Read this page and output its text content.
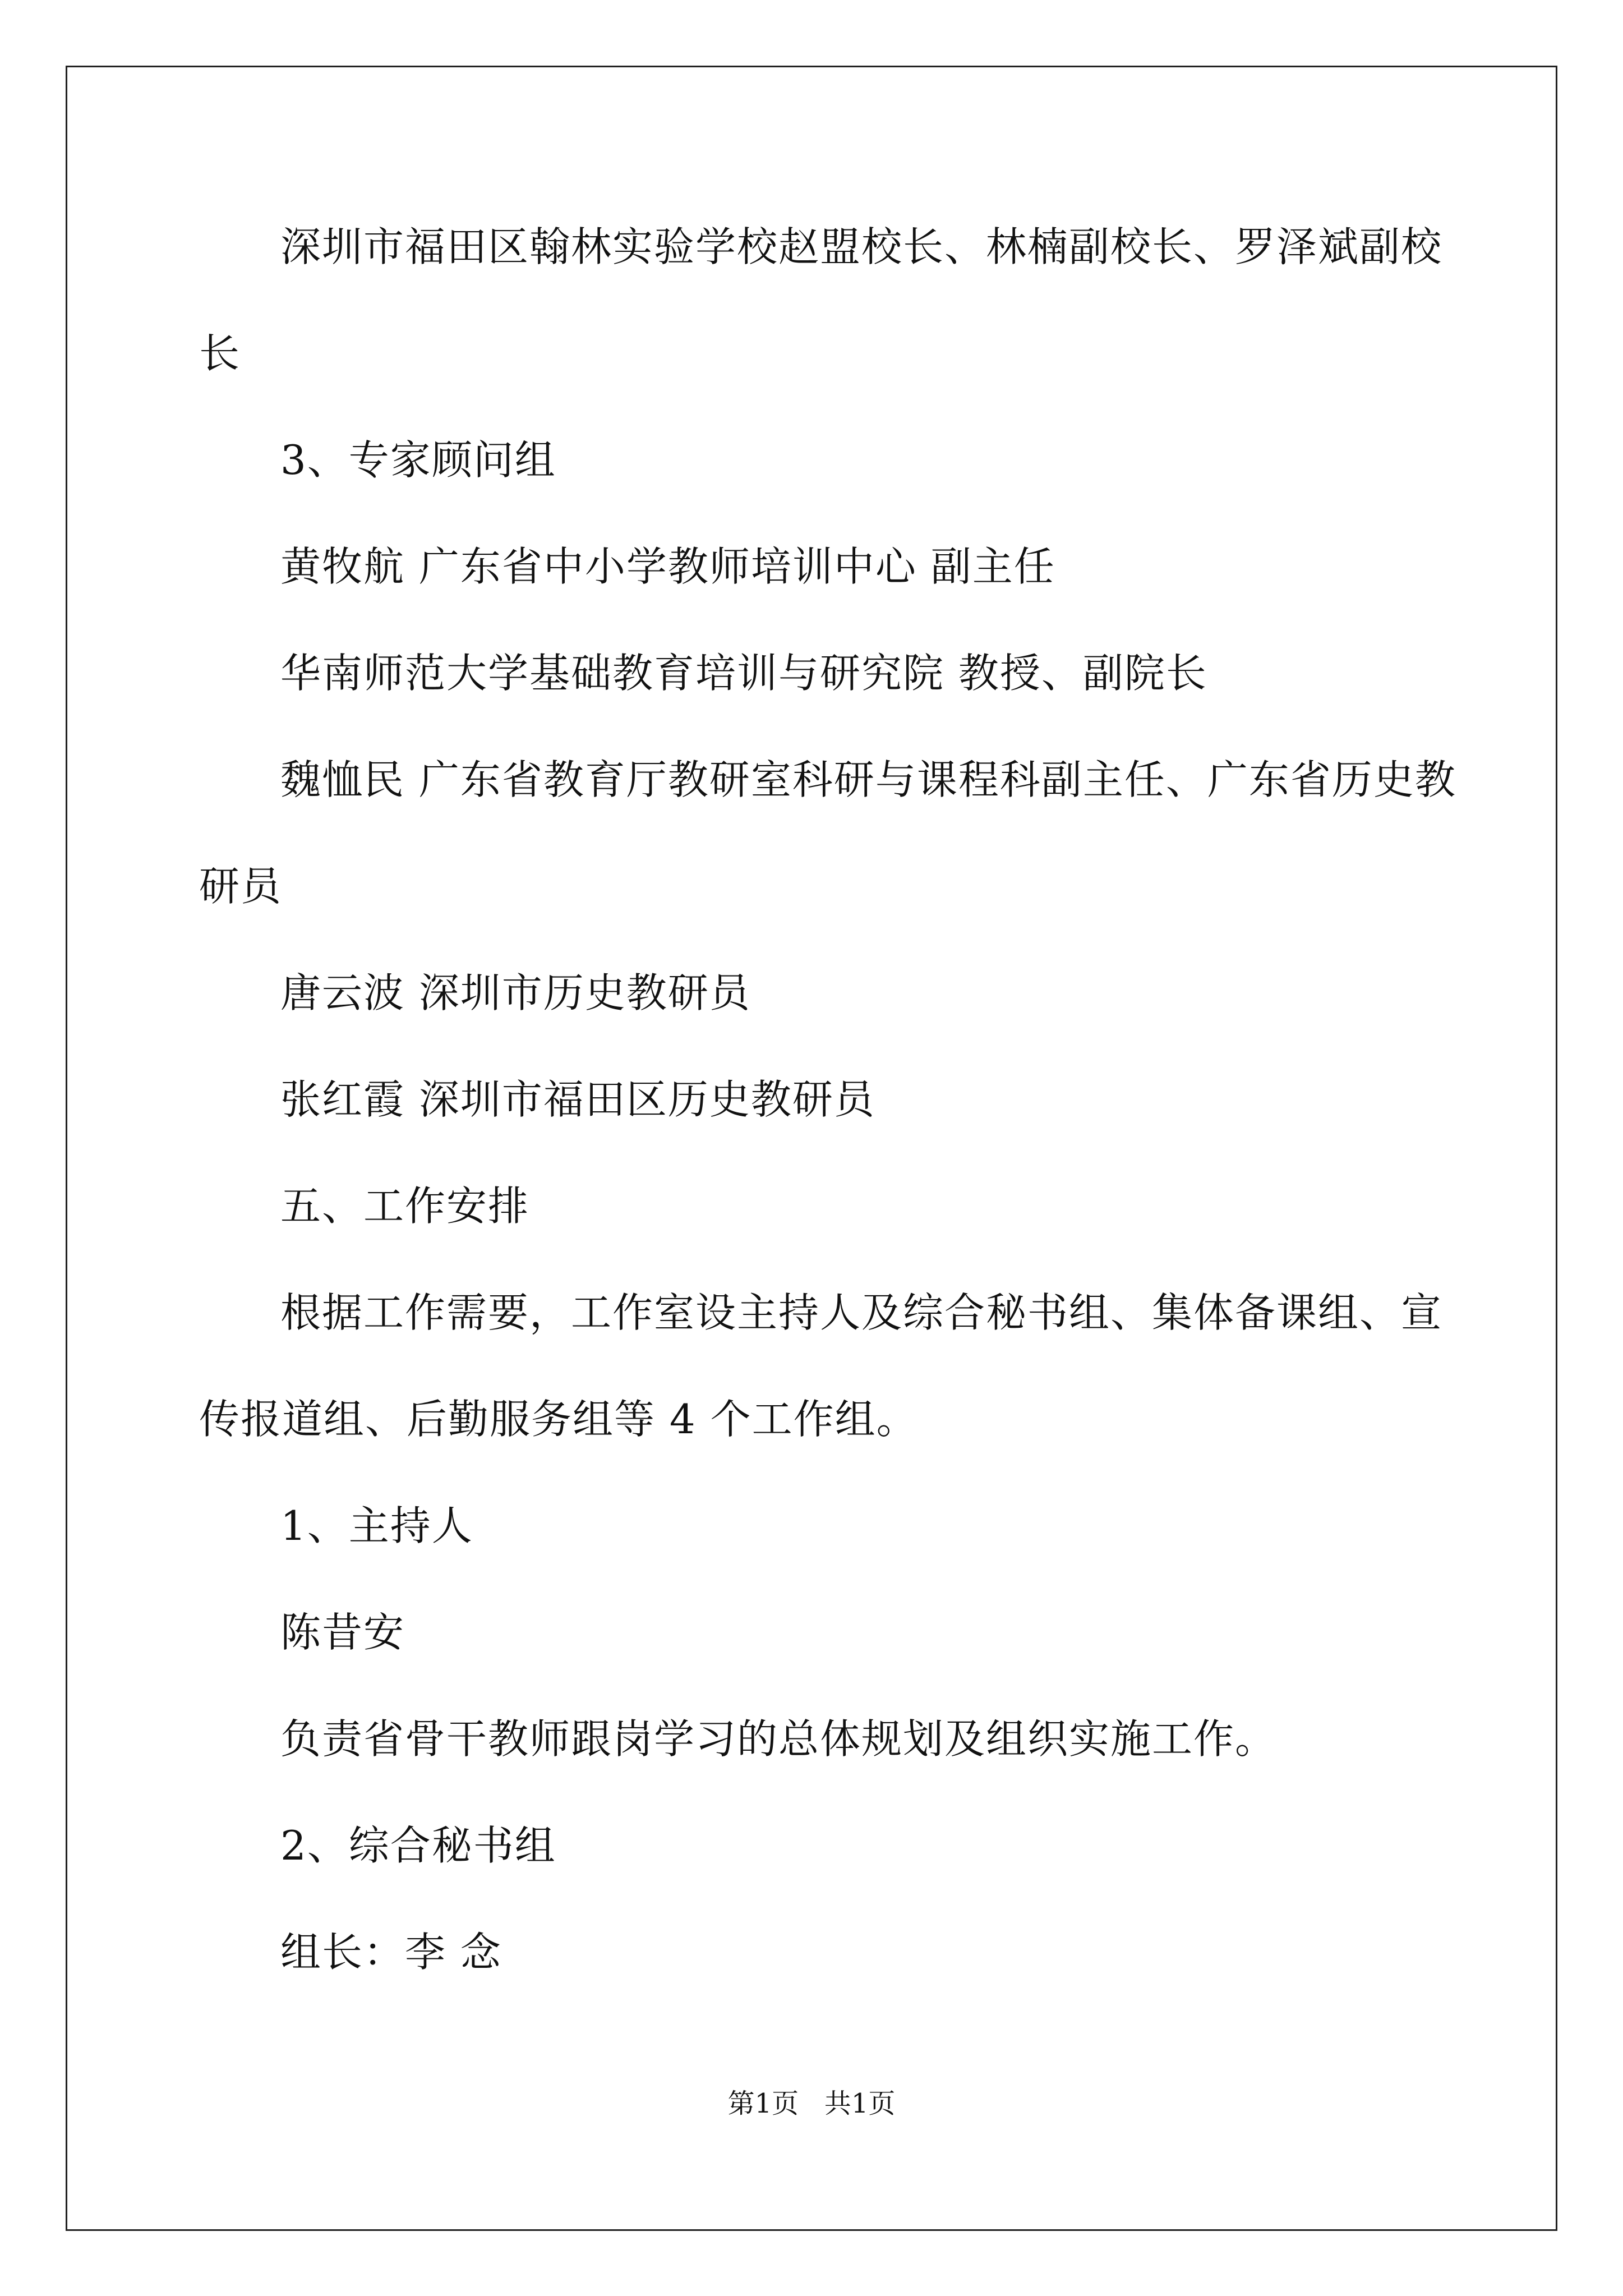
深圳市福田区翰林实验学校赵盟校长、林楠副校长、罗泽斌副校
长
3、专家顾问组
黄牧航 广东省中小学教师培训中心 副主任
华南师范大学基础教育培训与研究院 教授、副院长
魏恤民 广东省教育厅教研室科研与课程科副主任、广东省历史教
研员
唐云波 深圳市历史教研员
张红霞 深圳市福田区历史教研员
五、工作安排
根据工作需要，工作室设主持人及综合秘书组、集体备课组、宣
传报道组、后勤服务组等 4 个工作组。
1、主持人
陈昔安
负责省骨干教师跟岗学习的总体规划及组织实施工作。
2、综合秘书组
组长：李 念
第1页   共1页
